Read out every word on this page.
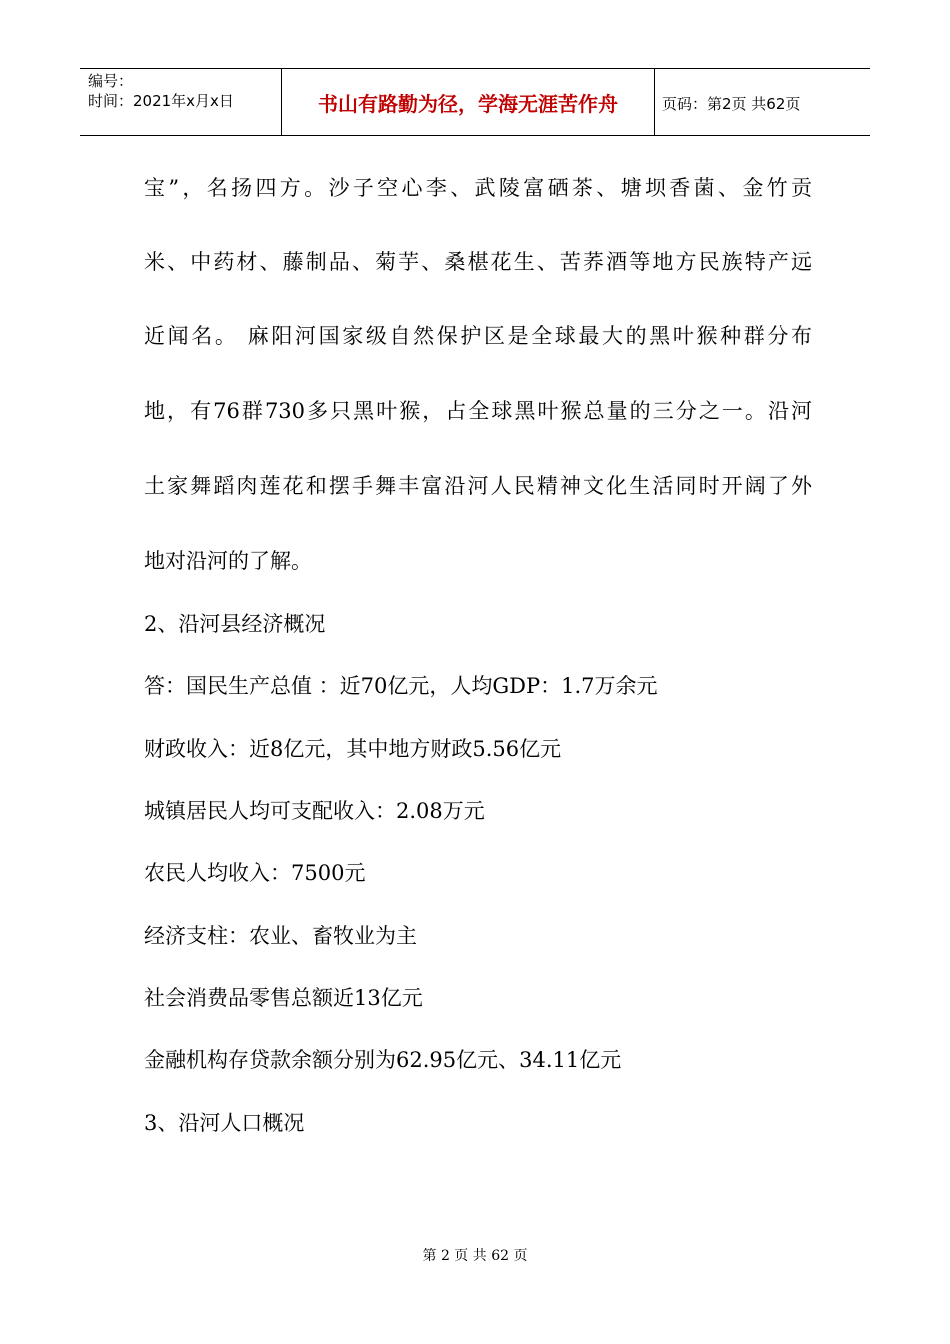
编号：
时间：2021年x月x日	书山有路勤为径，学海无涯苦作舟	页码：第2页 共62页

宝”，名扬四方。沙子空心李、武陵富硒茶、塘坝香菌、金竹贡

米、中药材、藤制品、菊芋、桑椹花生、苦荞酒等地方民族特产远

近闻名。 麻阳河国家级自然保护区是全球最大的黑叶猴种群分布

地，有76群730多只黑叶猴，占全球黑叶猴总量的三分之一。沿河

土家舞蹈肉莲花和摆手舞丰富沿河人民精神文化生活同时开阔了外

地对沿河的了解。

2、沿河县经济概况

答：国民生产总值 ：近70亿元，人均GDP：1.7万余元

财政收入：近8亿元，其中地方财政5.56亿元

城镇居民人均可支配收入：2.08万元

农民人均收入：7500元

经济支柱：农业、畜牧业为主

社会消费品零售总额近13亿元

金融机构存贷款余额分别为62.95亿元、34.11亿元

3、沿河人口概况

第 2 页 共 62 页
